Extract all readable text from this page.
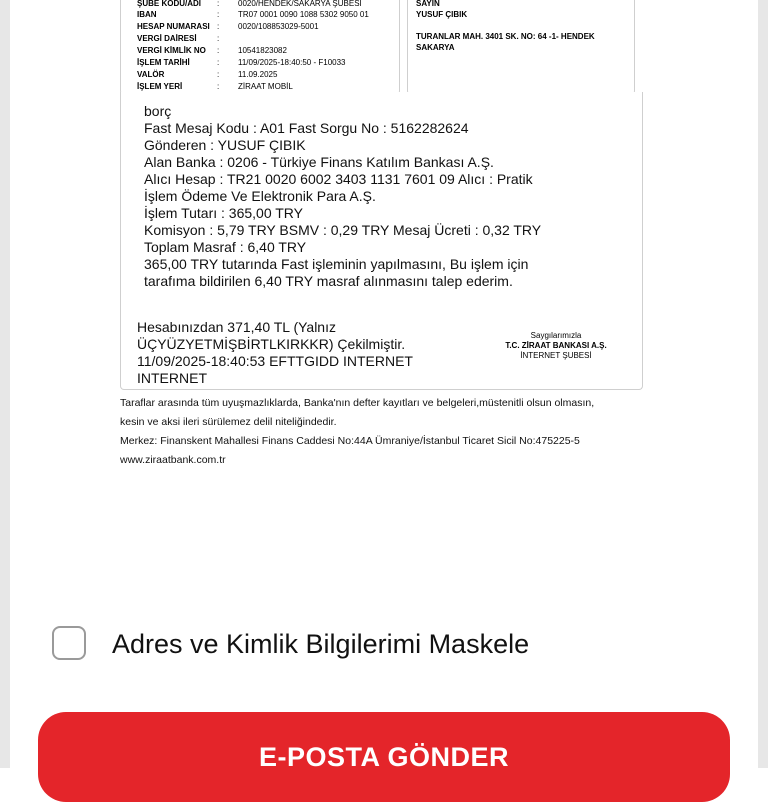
ŞUBE KODU/ADI : 0020/HENDEK/SAKARYA ŞUBESİ
IBAN	: TR07 0001 0090 1088 5302 9050 01
HESAP NUMARASI : 0020/108853029-5001
VERGİ DAİRESİ	:
VERGİ KİMLİK NO : 10541823082
İŞLEM TARİHİ	: 11/09/2025-18:40:50 - F10033
VALÖR	: 11.09.2025
İŞLEM YERİ	: ZİRAAT MOBİL
SAYIN
YUSUF ÇIBIK
TURANLAR MAH. 3401 SK. NO: 64 -1- HENDEK
SAKARYA
borç
Fast Mesaj Kodu : A01 Fast Sorgu No : 5162282624
Gönderen : YUSUF ÇIBIK
Alan Banka : 0206 - Türkiye Finans Katılım Bankası A.Ş.
Alıcı Hesap : TR21 0020 6002 3403 1131 7601 09 Alıcı : Pratik
İşlem Ödeme Ve Elektronik Para A.Ş.
İşlem Tutarı : 365,00 TRY
Komisyon : 5,79 TRY BSMV : 0,29 TRY Mesaj Ücreti : 0,32 TRY
Toplam Masraf : 6,40 TRY
365,00 TRY tutarında Fast işleminin yapılmasını, Bu işlem için
tarafıma bildirilen 6,40 TRY masraf alınmasını talep ederim.
Hesabınızdan 371,40 TL (Yalnız
ÜÇYÜZYETMİŞBİRTLKIRKKR) Çekilmiştir.
11/09/2025-18:40:53 EFTTGIDD INTERNET
INTERNET
Saygılarımızla
T.C. ZİRAAT BANKASI A.Ş.
İNTERNET ŞUBESİ
Taraflar arasında tüm uyuşmazlıklarda, Banka'nın defter kayıtları ve belgeleri,müstenitli olsun olmasın,
kesin ve aksi ileri sürülemez delil niteliğindedir.
Merkez: Finanskent Mahallesi Finans Caddesi No:44A Ümraniye/İstanbul Ticaret Sicil No:475225-5
www.ziraatbank.com.tr
Adres ve Kimlik Bilgilerimi Maskele
E-POSTA GÖNDER
